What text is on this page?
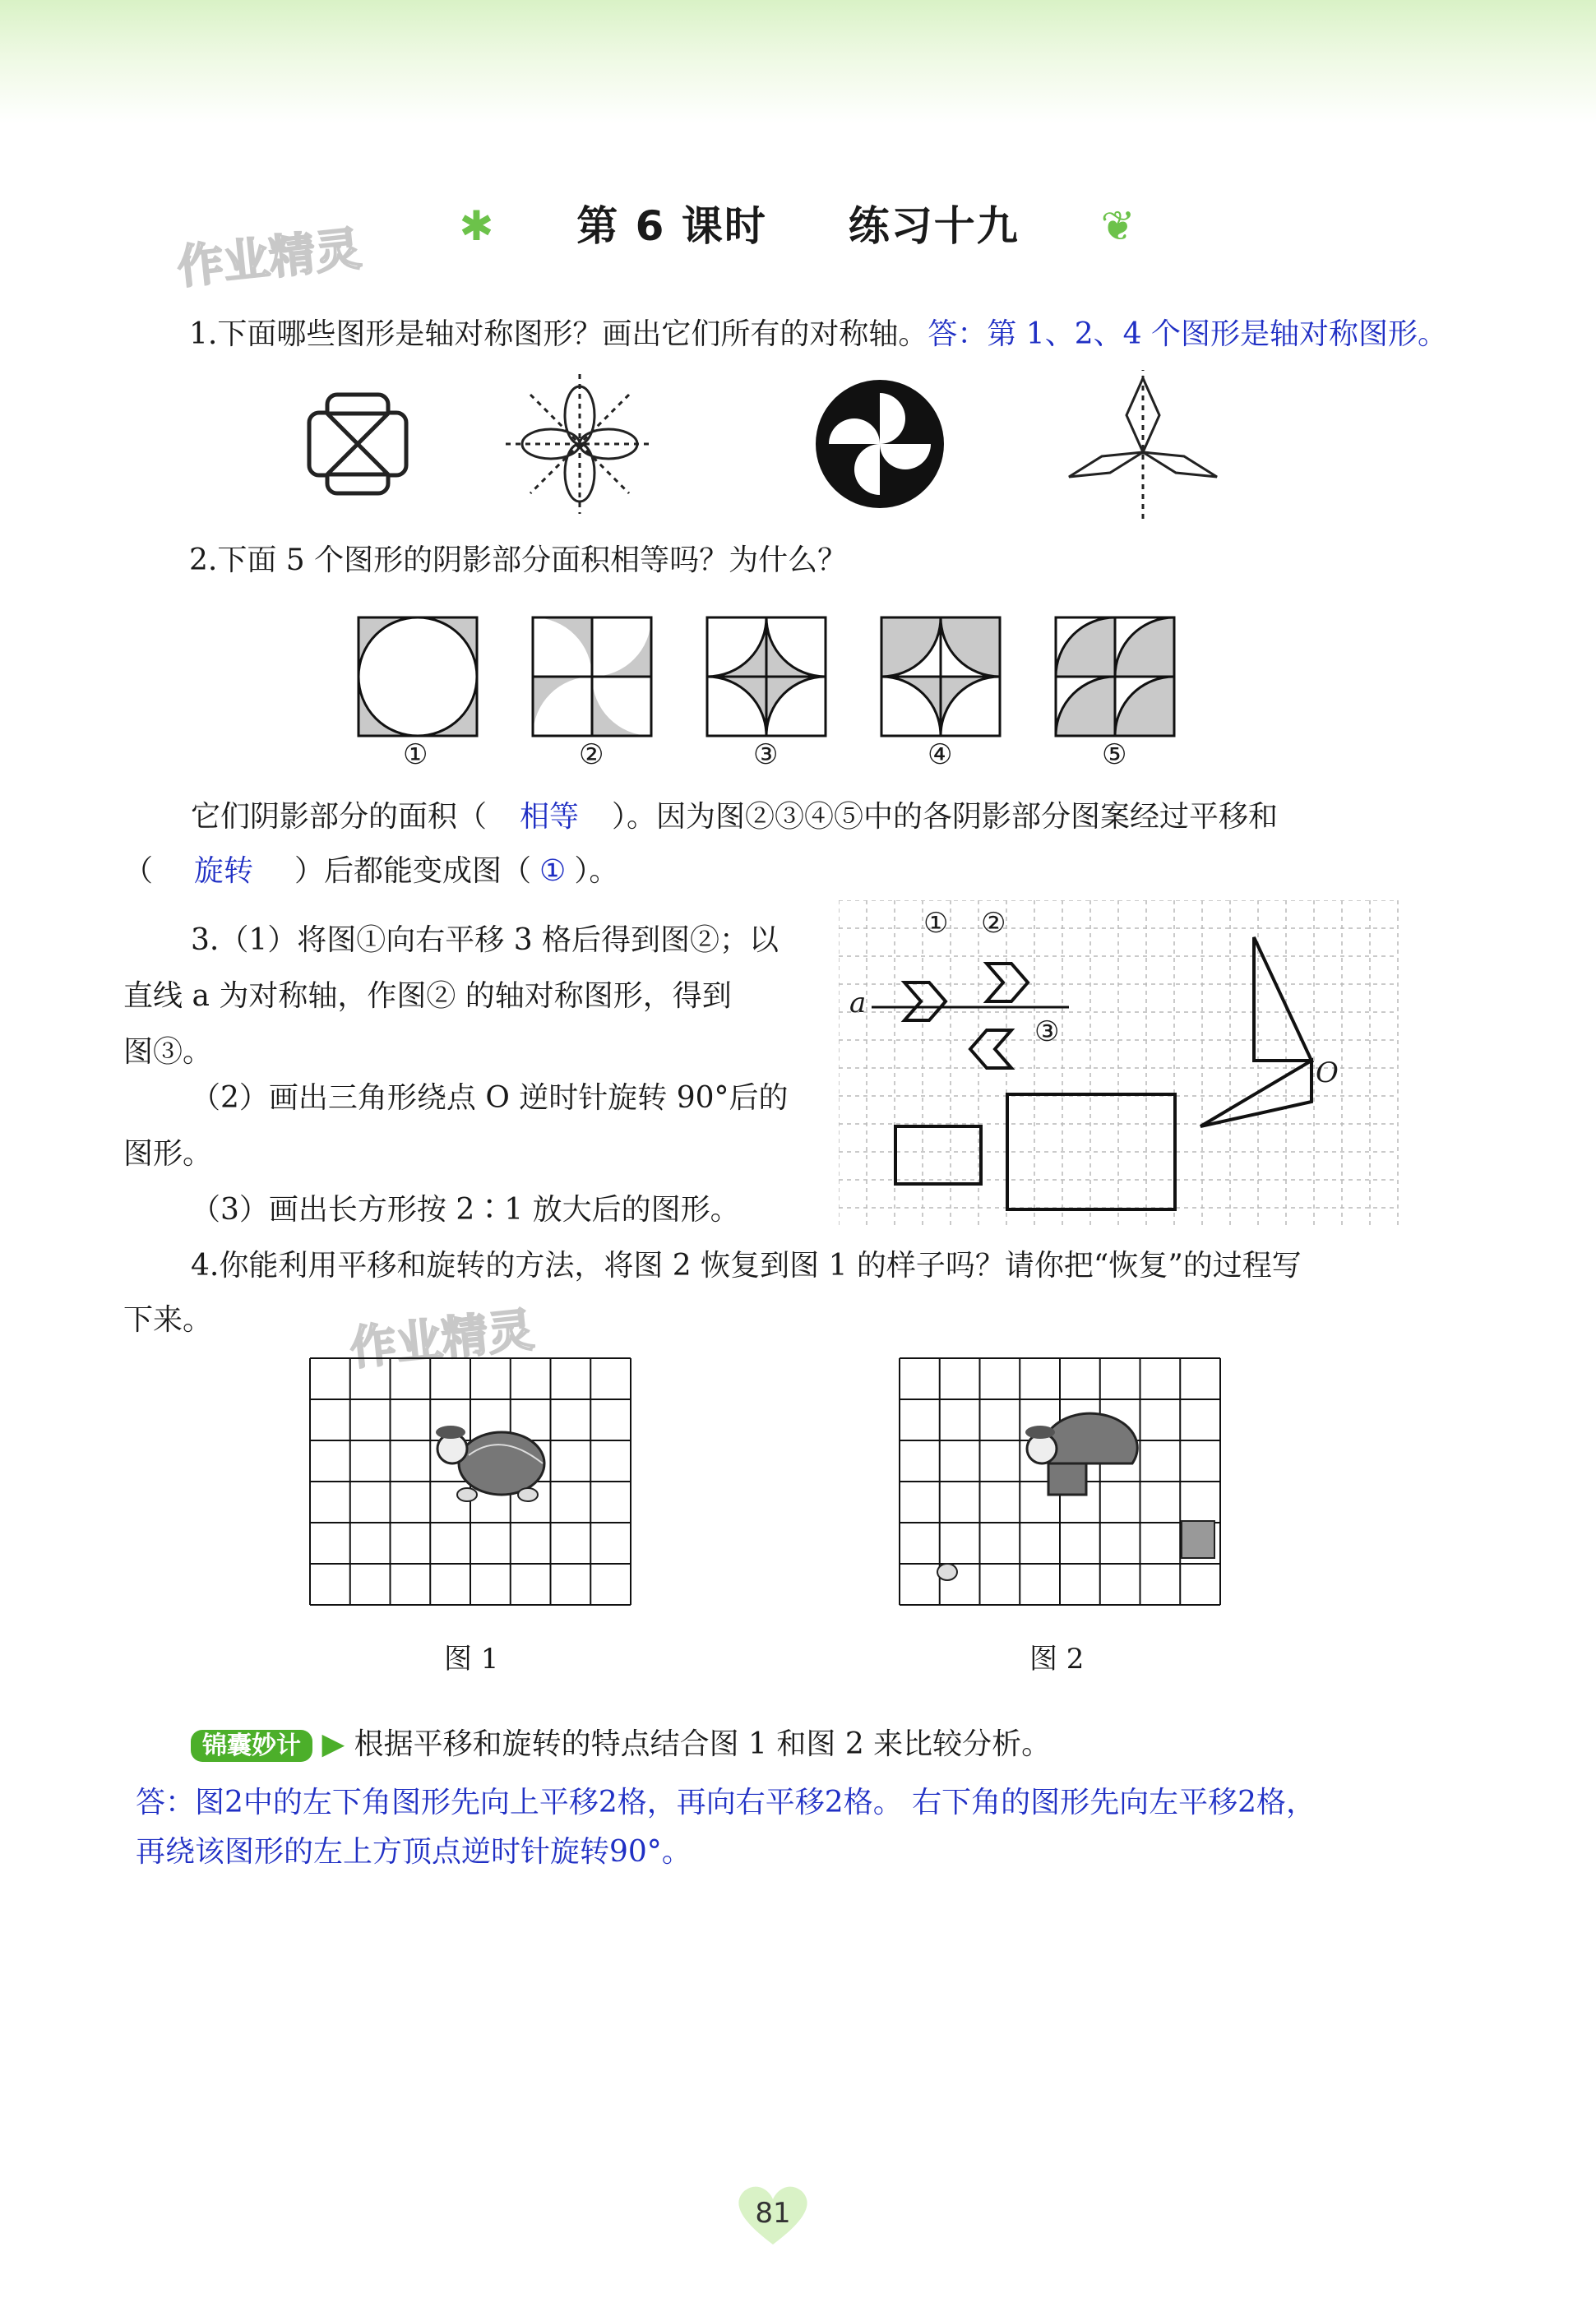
作业精灵	✱ 第 6 课时 练习十九 ❦
1.下面哪些图形是轴对称图形？画出它们所有的对称轴。答：第 1、2、4 个图形是轴对称图形。
2.下面 5 个图形的阴影部分面积相等吗？为什么？
①	②	③	④	⑤
它们阴影部分的面积（ 相等 ）。因为图②③④⑤中的各阴影部分图案经过平移和
（ 旋转 ）后都能变成图（ ① ）。
3.（1）将图①向右平移 3 格后得到图②；以
直线 a 为对称轴，作图② 的轴对称图形，得到
图③。
（2）画出三角形绕点 O 逆时针旋转 90°后的
图形。
（3）画出长方形按 2∶1 放大后的图形。
① ②
③
a
O
4.你能利用平移和旋转的方法，将图 2 恢复到图 1 的样子吗？请你把“恢复”的过程写
下来。	作业精灵
图 1	图 2
锦囊妙计 ▶ 根据平移和旋转的特点结合图 1 和图 2 来比较分析。
答：图2中的左下角图形先向上平移2格，再向右平移2格。 右下角的图形先向左平移2格，
再绕该图形的左上方顶点逆时针旋转90°。
81
